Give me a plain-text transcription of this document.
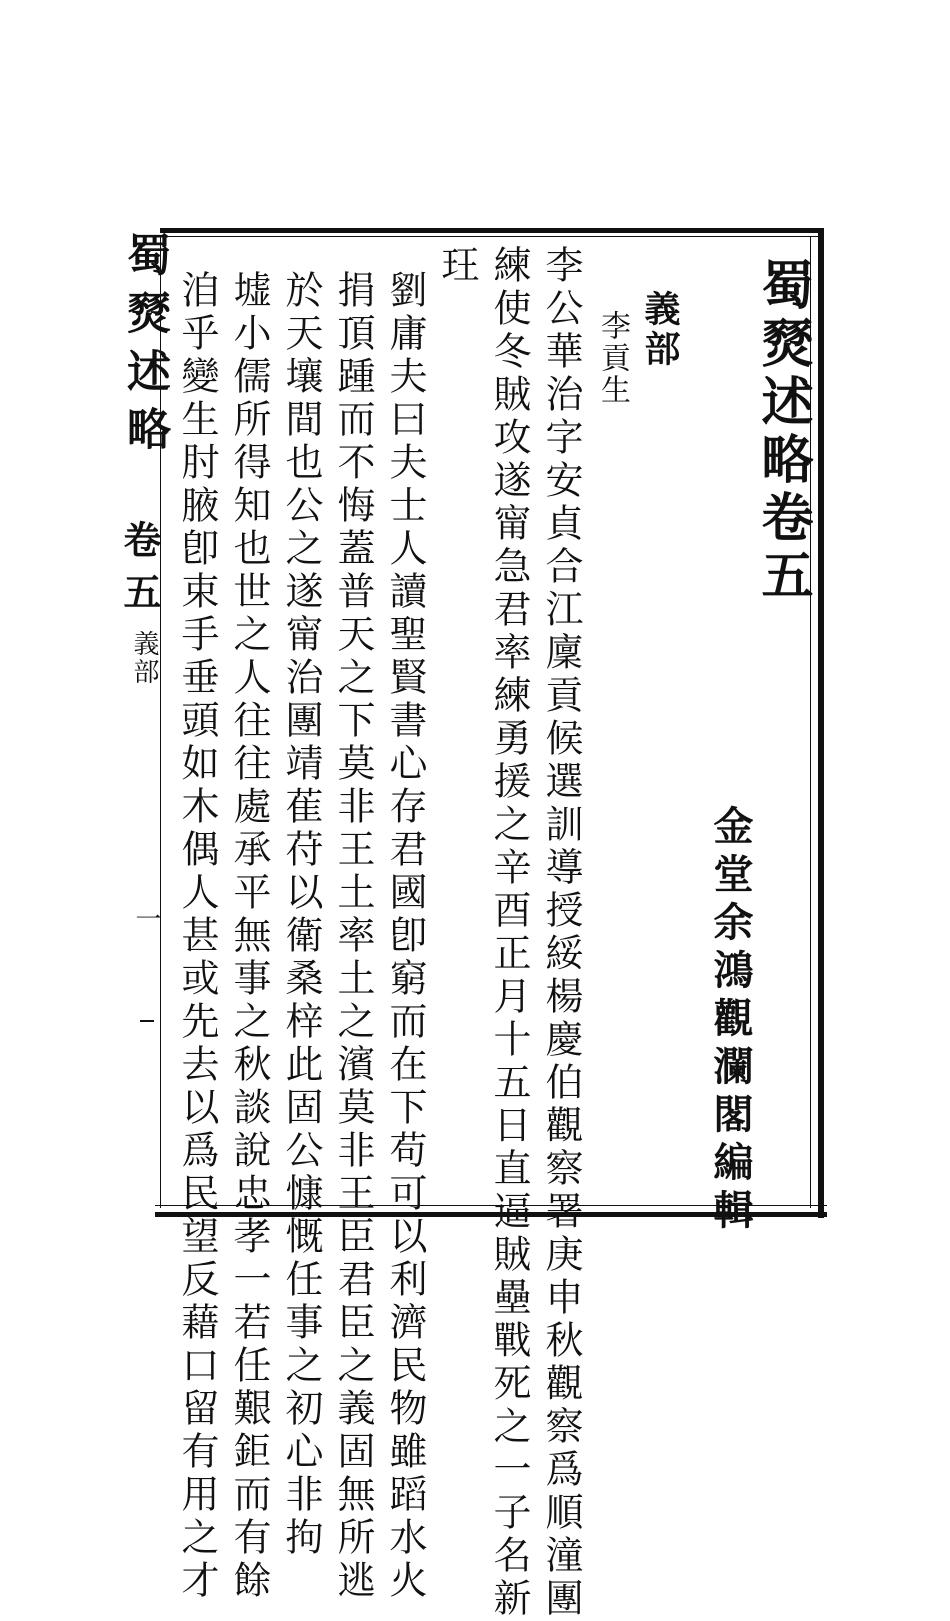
蜀燹述略卷五
金堂余鴻觀瀾閣編輯
義部
李貢生
李公華治字安貞合江廩貢候選訓導授綏楊慶伯觀察署庚申秋觀察爲順潼團
練使冬賊攻遂甯急君率練勇援之辛酉正月十五日直逼賊壘戰死之一子名新
玨
劉庸夫曰夫士人讀聖賢書心存君國卽窮而在下苟可以利濟民物雖蹈水火
捐頂踵而不悔蓋普天之下莫非王土率土之濱莫非王臣君臣之義固無所逃
於天壤間也公之遂甯治團靖萑苻以衛桑梓此固公慷慨任事之初心非拘
墟小儒所得知也世之人往往處承平無事之秋談說忠孝一若任艱鉅而有餘
洎乎變生肘腋卽束手垂頭如木偶人甚或先去以爲民望反藉口留有用之才
蜀燹述略
卷五
義部
一
